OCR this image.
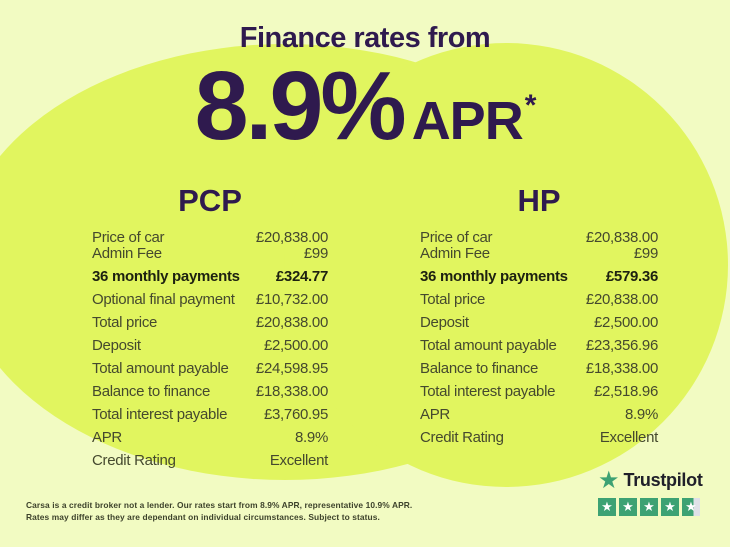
Finance rates from
8.9% APR*
PCP
Price of car	£20,838.00
Admin Fee	£99
36 monthly payments £324.77
Optional final payment £10,732.00
Total price	£20,838.00
Deposit	£2,500.00
Total amount payable £24,598.95
Balance to finance	£18,338.00
Total interest payable £3,760.95
APR	8.9%
Credit Rating	Excellent
HP
Price of car	£20,838.00
Admin Fee	£99
36 monthly payments	£579.36
Total price	£20,838.00
Deposit	£2,500.00
Total amount payable £23,356.96
Balance to finance	£18,338.00
Total interest payable	£2,518.96
APR	8.9%
Credit Rating	Excellent
Carsa is a credit broker not a lender. Our rates start from 8.9% APR, representative 10.9% APR.
Rates may differ as they are dependant on individual circumstances. Subject to status.
★ Trustpilot
★ ★ ★ ★ ★
